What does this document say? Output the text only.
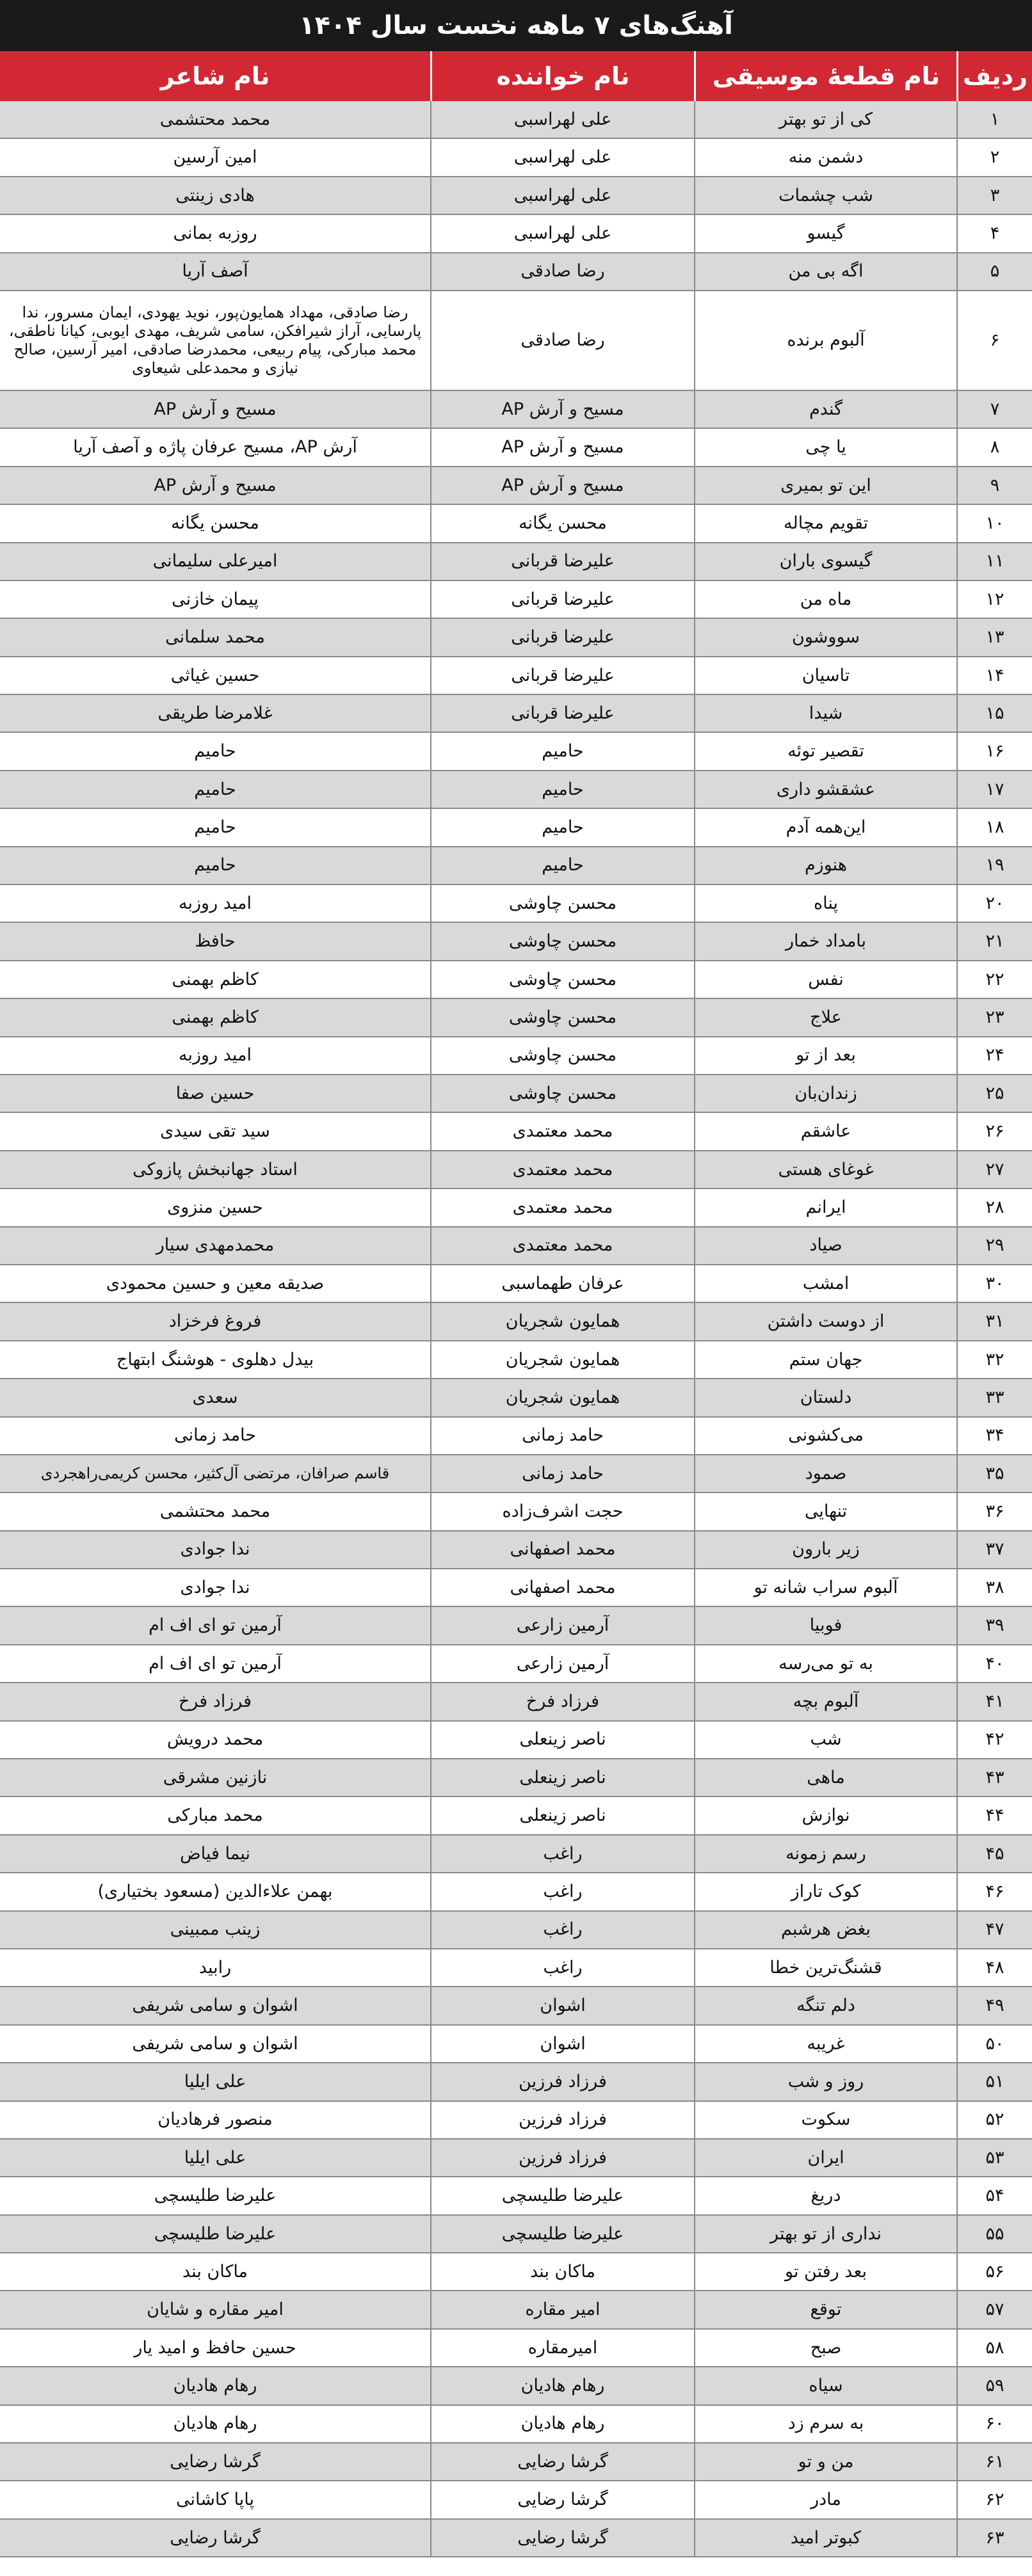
آهنگ‌های ۷ ماهه نخست سال ۱۴۰۴
ردیف
نام قطعهٔ موسیقی
نام خواننده
نام شاعر
۱
کی از تو بهتر
علی لهراسبی
محمد محتشمی
۲
دشمن منه
علی لهراسبی
امین آرسین
۳
شب چشمات
علی لهراسبی
هادی زینتی
۴
گیسو
علی لهراسبی
روزبه بمانی
۵
اگه بی من
رضا صادقی
آصف آریا
۶
آلبوم برنده
رضا صادقی
رضا صادقی، مهداد همایون‌پور، نوید یهودی، ایمان مسرور، ندا پارسایی، آراز شیرافکن، سامی شریف، مهدی ایوبی، کیانا ناطقی، محمد مبارکی، پیام ربیعی، محمدرضا صادقی، امیر آرسین، صالح نیازی و محمدعلی شیعاوی
۷
گندم
مسیح و آرش AP
مسیح و آرش AP
۸
یا چی
مسیح و آرش AP
آرش AP، مسیح عرفان پاژه و آصف آریا
۹
این تو بمیری
مسیح و آرش AP
مسیح و آرش AP
۱۰
تقویم مچاله
محسن یگانه
محسن یگانه
۱۱
گیسوی باران
علیرضا قربانی
امیرعلی سلیمانی
۱۲
ماه من
علیرضا قربانی
پیمان خازنی
۱۳
سووشون
علیرضا قربانی
محمد سلمانی
۱۴
تاسیان
علیرضا قربانی
حسین غیاثی
۱۵
شیدا
علیرضا قربانی
غلامرضا طریقی
۱۶
تقصیر توئه
حامیم
حامیم
۱۷
عشقشو داری
حامیم
حامیم
۱۸
این‌همه آدم
حامیم
حامیم
۱۹
هنوزم
حامیم
حامیم
۲۰
پناه
محسن چاوشی
امید روزبه
۲۱
بامداد خمار
محسن چاوشی
حافظ
۲۲
نفس
محسن چاوشی
کاظم بهمنی
۲۳
علاج
محسن چاوشی
کاظم بهمنی
۲۴
بعد از تو
محسن چاوشی
امید روزبه
۲۵
زندان‌بان
محسن چاوشی
حسین صفا
۲۶
عاشقم
محمد معتمدی
سید تقی سیدی
۲۷
غوغای هستی
محمد معتمدی
استاد جهانبخش پازوکی
۲۸
ایرانم
محمد معتمدی
حسین منزوی
۲۹
صیاد
محمد معتمدی
محمدمهدی سیار
۳۰
امشب
عرفان طهماسبی
صدیقه معین و حسین محمودی
۳۱
از دوست داشتن
همایون شجریان
فروغ فرخزاد
۳۲
جهان ستم
همایون شجریان
بیدل دهلوی - هوشنگ ابتهاج
۳۳
دلستان
همایون شجریان
سعدی
۳۴
می‌کشونی
حامد زمانی
حامد زمانی
۳۵
صمود
حامد زمانی
قاسم صرافان، مرتضی آل‌کثیر، محسن کریمی‌راهجردی
۳۶
تنهایی
حجت اشرف‌زاده
محمد محتشمی
۳۷
زیر بارون
محمد اصفهانی
ندا جوادی
۳۸
آلبوم سراب شانه تو
محمد اصفهانی
ندا جوادی
۳۹
فوبیا
آرمین زارعی
آرمین تو ای اف ام
۴۰
به تو می‌رسه
آرمین زارعی
آرمین تو ای اف ام
۴۱
آلبوم بچه
فرزاد فرخ
فرزاد فرخ
۴۲
شب
ناصر زینعلی
محمد درویش
۴۳
ماهی
ناصر زینعلی
نازنین مشرقی
۴۴
نوازش
ناصر زینعلی
محمد مبارکی
۴۵
رسم زمونه
راغب
نیما فیاض
۴۶
کوک تاراز
راغب
بهمن علاءالدین (مسعود بختیاری)
۴۷
بغض هرشبم
راغب
زینب ممبینی
۴۸
قشنگ‌ترین خطا
راغب
رابید
۴۹
دلم تنگه
اشوان
اشوان و سامی شریفی
۵۰
غریبه
اشوان
اشوان و سامی شریفی
۵۱
روز و شب
فرزاد فرزین
علی ایلیا
۵۲
سکوت
فرزاد فرزین
منصور فرهادیان
۵۳
ایران
فرزاد فرزین
علی ایلیا
۵۴
دریغ
علیرضا طلیسچی
علیرضا طلیسچی
۵۵
نداری از تو بهتر
علیرضا طلیسچی
علیرضا طلیسچی
۵۶
بعد رفتن تو
ماکان بند
ماکان بند
۵۷
توقع
امیر مقاره
امیر مقاره و شایان
۵۸
صبح
امیرمقاره
حسین حافظ و امید یار
۵۹
سیاه
رهام هادیان
رهام هادیان
۶۰
به سرم زد
رهام هادیان
رهام هادیان
۶۱
من و تو
گرشا رضایی
گرشا رضایی
۶۲
مادر
گرشا رضایی
پاپا کاشانی
۶۳
کبوتر امید
گرشا رضایی
گرشا رضایی
